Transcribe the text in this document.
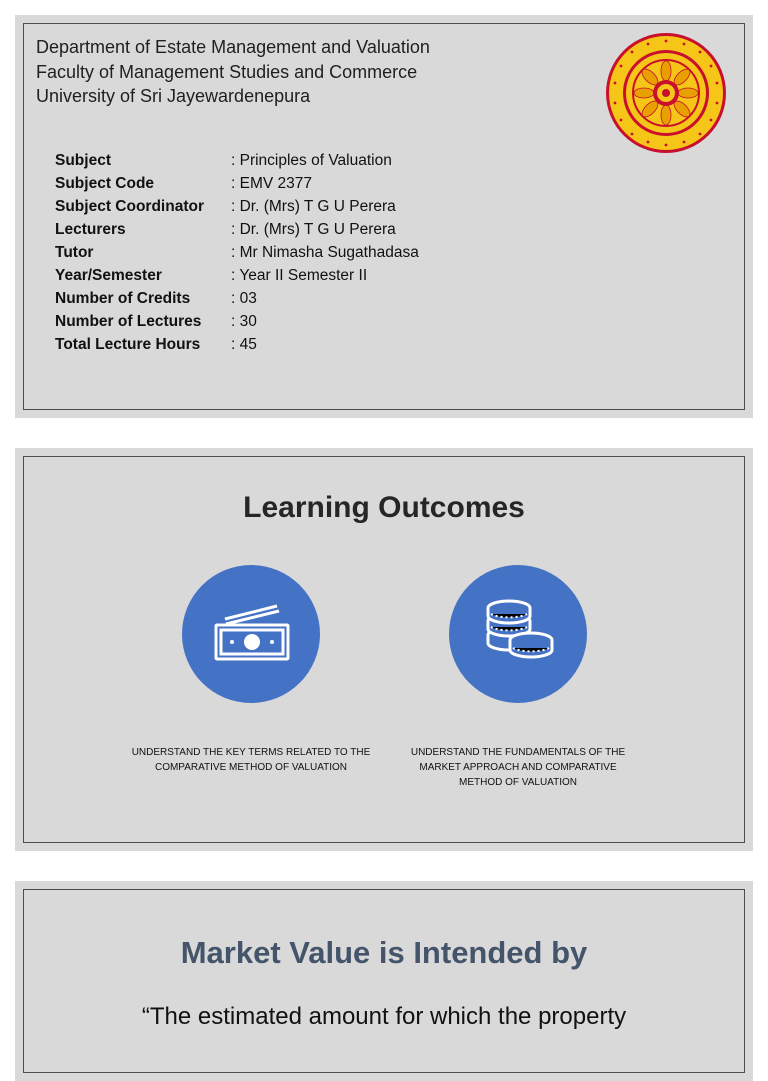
Department of Estate Management and Valuation
Faculty of Management Studies and Commerce
University of Sri Jayewardenepura
Subject	: Principles of Valuation
Subject Code	: EMV 2377
Subject Coordinator	: Dr. (Mrs) T G U Perera
Lecturers	: Dr. (Mrs) T G U Perera
Tutor	: Mr Nimasha Sugathadasa
Year/Semester	: Year II Semester II
Number of Credits	: 03
Number of Lectures	: 30
Total Lecture Hours	: 45
Learning Outcomes
UNDERSTAND THE KEY TERMS RELATED TO THE COMPARATIVE METHOD OF VALUATION
UNDERSTAND THE FUNDAMENTALS OF THE MARKET APPROACH AND COMPARATIVE METHOD OF VALUATION
Market Value is Intended by
“The estimated amount for which the property
